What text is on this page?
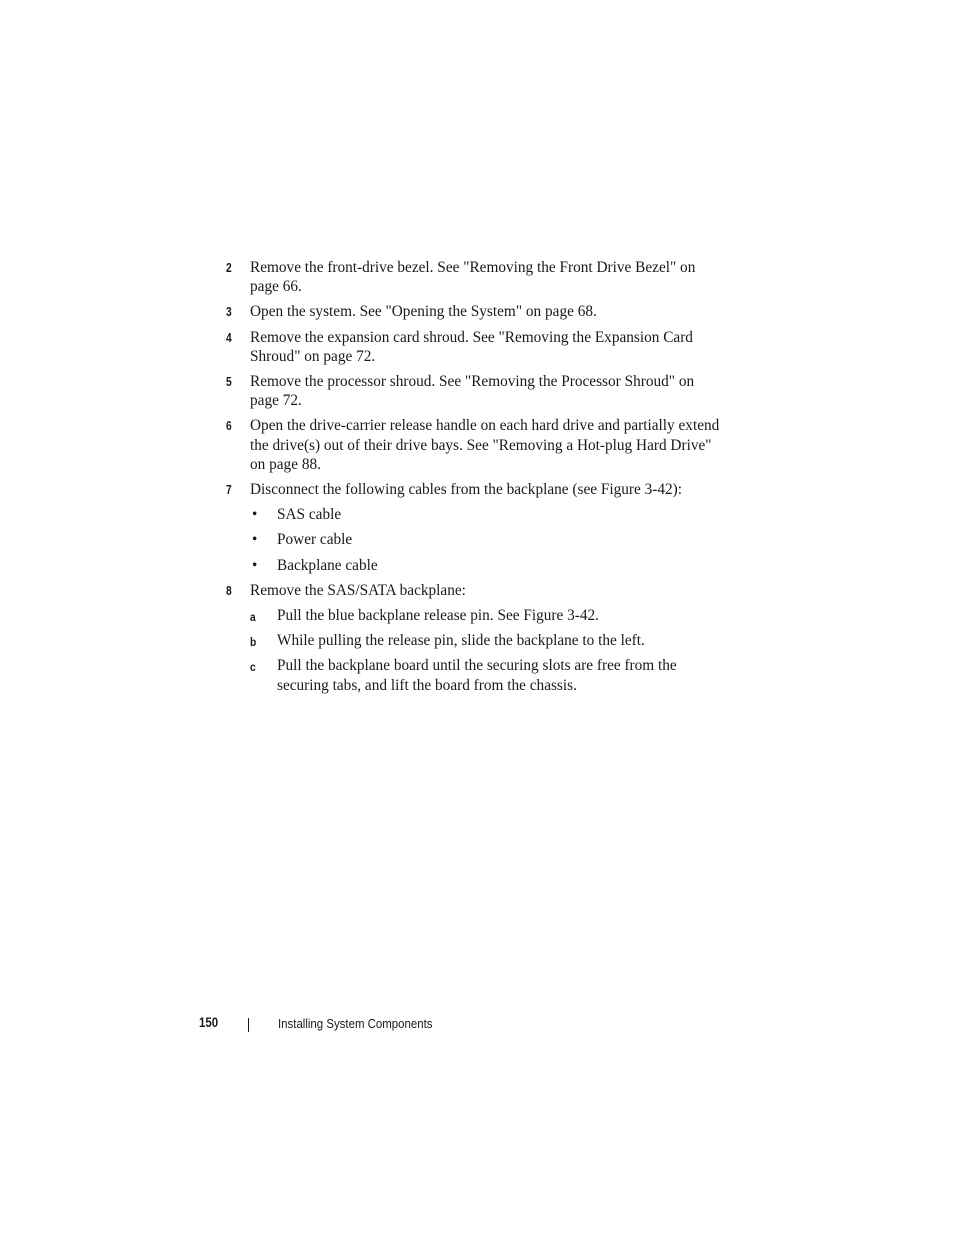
2 Remove the front-drive bezel. See "Removing the Front Drive Bezel" on page 66.
3 Open the system. See "Opening the System" on page 68.
4 Remove the expansion card shroud. See "Removing the Expansion Card Shroud" on page 72.
5 Remove the processor shroud. See "Removing the Processor Shroud" on page 72.
6 Open the drive-carrier release handle on each hard drive and partially extend the drive(s) out of their drive bays. See "Removing a Hot-plug Hard Drive" on page 88.
7 Disconnect the following cables from the backplane (see Figure 3-42):
• SAS cable
• Power cable
• Backplane cable
8 Remove the SAS/SATA backplane:
a Pull the blue backplane release pin. See Figure 3-42.
b While pulling the release pin, slide the backplane to the left.
c Pull the backplane board until the securing slots are free from the securing tabs, and lift the board from the chassis.
150	Installing System Components
